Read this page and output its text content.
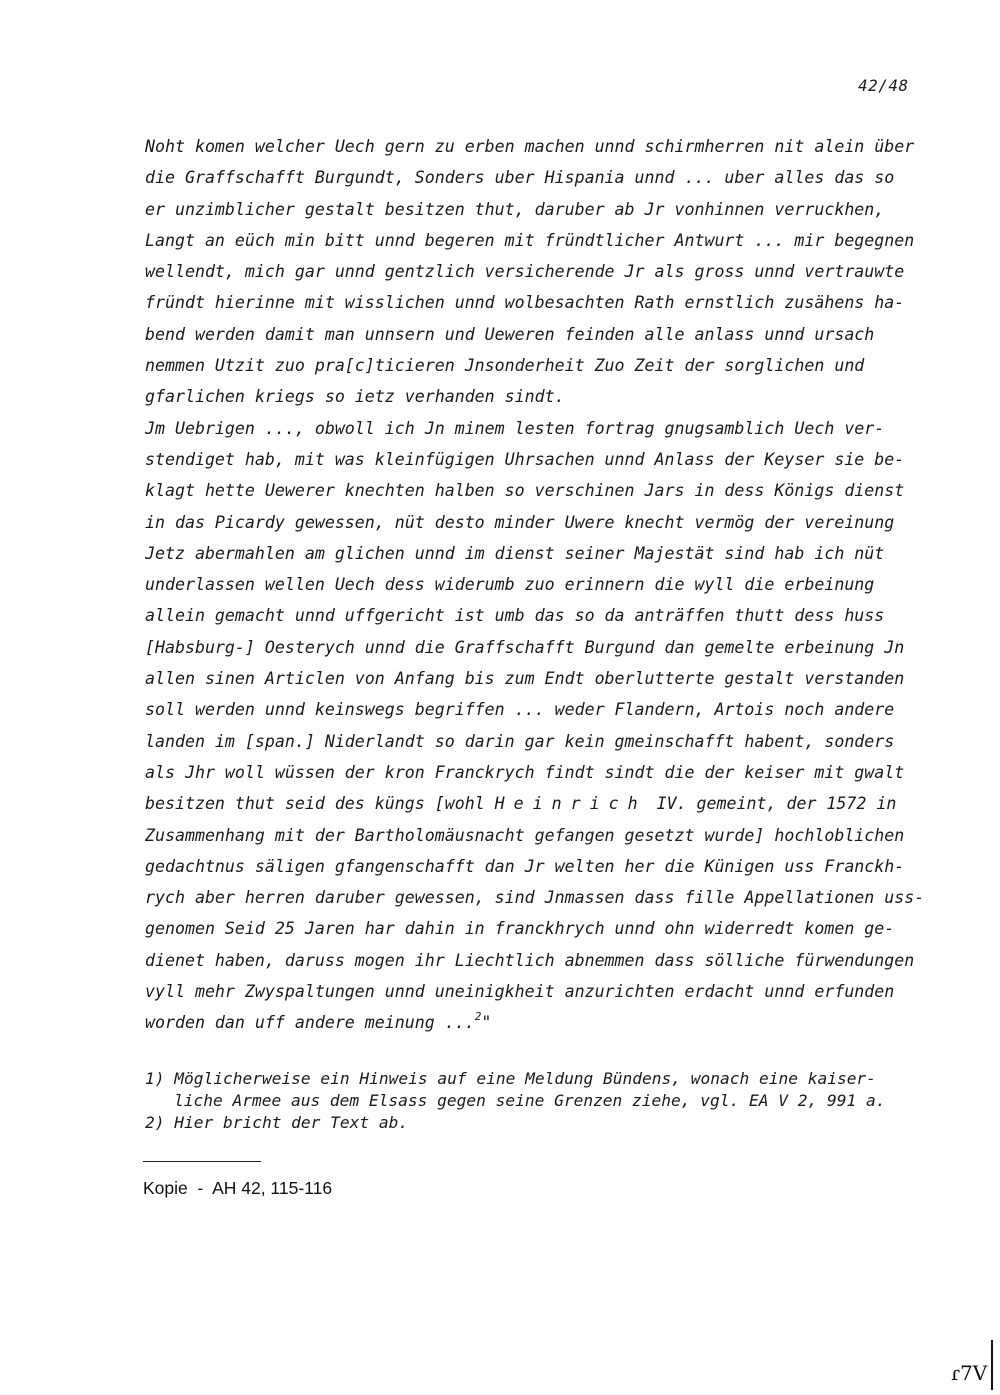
42/48
Noht komen welcher Uech gern zu erben machen unnd schirmherren nit alein über
die Graffschafft Burgundt, Sonders uber Hispania unnd ... uber alles das so
er unzimblicher gestalt besitzen thut, daruber ab Jr vonhinnen verruckhen,
Langt an eüch min bitt unnd begeren mit fründtlicher Antwurt ... mir begegnen
wellendt, mich gar unnd gentzlich versicherende Jr als gross unnd vertrauwte
fründt hierinne mit wisslichen unnd wolbesachten Rath ernstlich zusähens ha-
bend werden damit man unnsern und Ueweren feinden alle anlass unnd ursach
nemmen Utzit zuo pra[c]ticieren Jnsonderheit Zuo Zeit der sorglichen und
gfarlichen kriegs so ietz verhanden sindt.
Jm Uebrigen ..., obwoll ich Jn minem lesten fortrag gnugsamblich Uech ver-
stendiget hab, mit was kleinfügigen Uhrsachen unnd Anlass der Keyser sie be-
klagt hette Uewerer knechten halben so verschinen Jars in dess Königs dienst
in das Picardy gewessen, nüt desto minder Uwere knecht vermög der vereinung
Jetz abermahlen am glichen unnd im dienst seiner Majestät sind hab ich nüt
underlassen wellen Uech dess widerumb zuo erinnern die wyll die erbeinung
allein gemacht unnd uffgericht ist umb das so da anträffen thutt dess huss
[Habsburg-] Oesterych unnd die Graffschafft Burgund dan gemelte erbeinung Jn
allen sinen Articlen von Anfang bis zum Endt oberlutterte gestalt verstanden
soll werden unnd keinswegs begriffen ... weder Flandern, Artois noch andere
landen im [span.] Niderlandt so darin gar kein gmeinschafft habent, sonders
als Jhr woll wüssen der kron Franckrych findt sindt die der keiser mit gwalt
besitzen thut seid des küngs [wohl Heinrich IV. gemeint, der 1572 in
Zusammenhang mit der Bartholomäusnacht gefangen gesetzt wurde] hochloblichen
gedachtnus säligen gfangenschafft dan Jr welten her die Künigen uss Franckh-
rych aber herren daruber gewessen, sind Jnmassen dass fille Appellationen uss-
genomen Seid 25 Jaren har dahin in franckhrych unnd ohn widerredt komen ge-
dienet haben, daruss mogen ihr Liechtlich abnemmen dass sölliche fürwendungen
vyll mehr Zwyspaltungen unnd uneinigkheit anzurichten erdacht unnd erfunden
worden dan uff andere meinung ...$^2$"
1) Möglicherweise ein Hinweis auf eine Meldung Bündens, wonach eine kaiser-
liche Armee aus dem Elsass gegen seine Grenzen ziehe, vgl. EA V 2, 991 a.
2) Hier bricht der Text ab.
Kopie  -  AH 42, 115-116
ɾ7V
